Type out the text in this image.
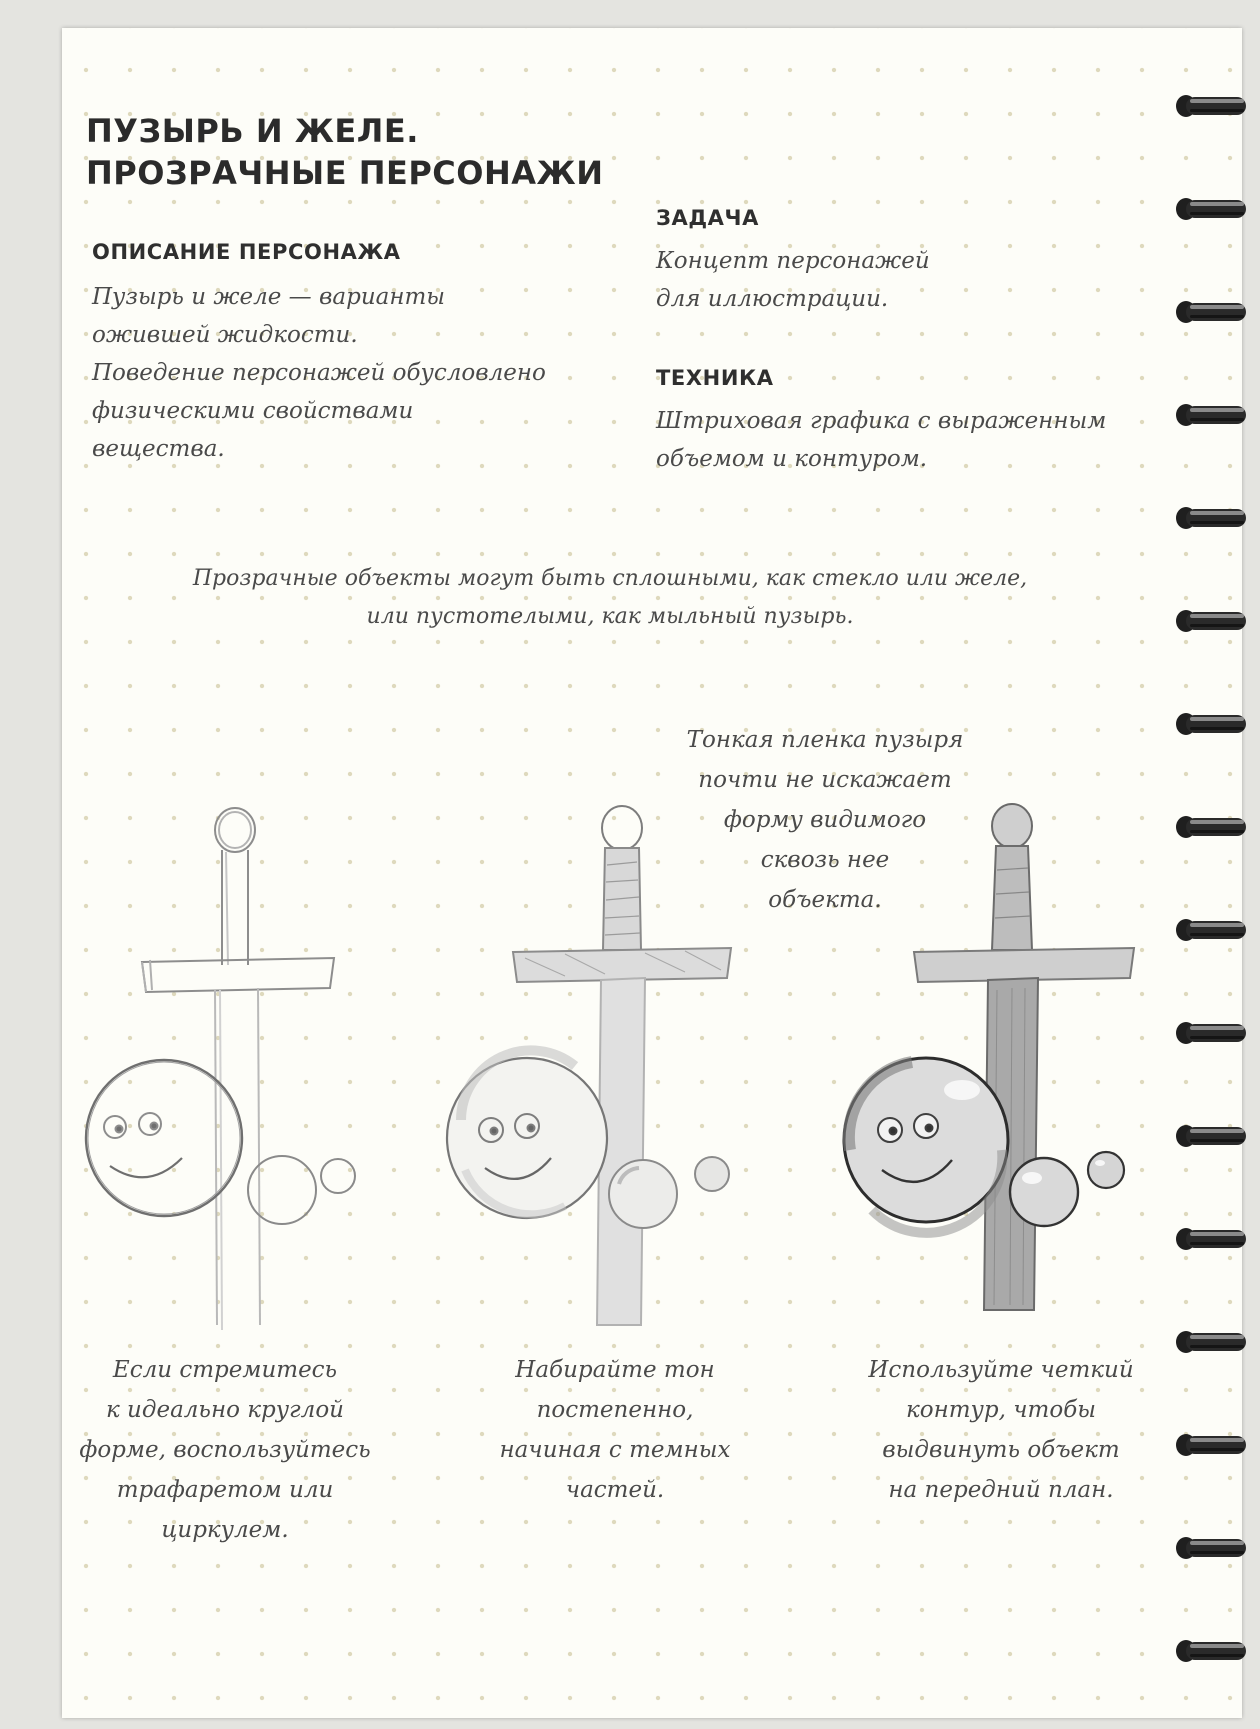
ПУЗЫРЬ И ЖЕЛЕ.
ПРОЗРАЧНЫЕ ПЕРСОНАЖИ
ОПИСАНИЕ ПЕРСОНАЖА
Пузырь и желе — варианты
ожившей жидкости.
Поведение персонажей обусловлено
физическими свойствами
вещества.
ЗАДАЧА
Концепт персонажей
для иллюстрации.
ТЕХНИКА
Штриховая графика с выраженным
объемом и контуром.
Прозрачные объекты могут быть сплошными, как стекло или желе,
или пустотелыми, как мыльный пузырь.
Тонкая пленка пузыря
почти не искажает
форму видимого
сквозь нее
объекта.
Если стремитесь
к идеально круглой
форме, воспользуйтесь
трафаретом или
циркулем.
Набирайте тон
постепенно,
начиная с темных
частей.
Используйте четкий
контур, чтобы
выдвинуть объект
на передний план.
